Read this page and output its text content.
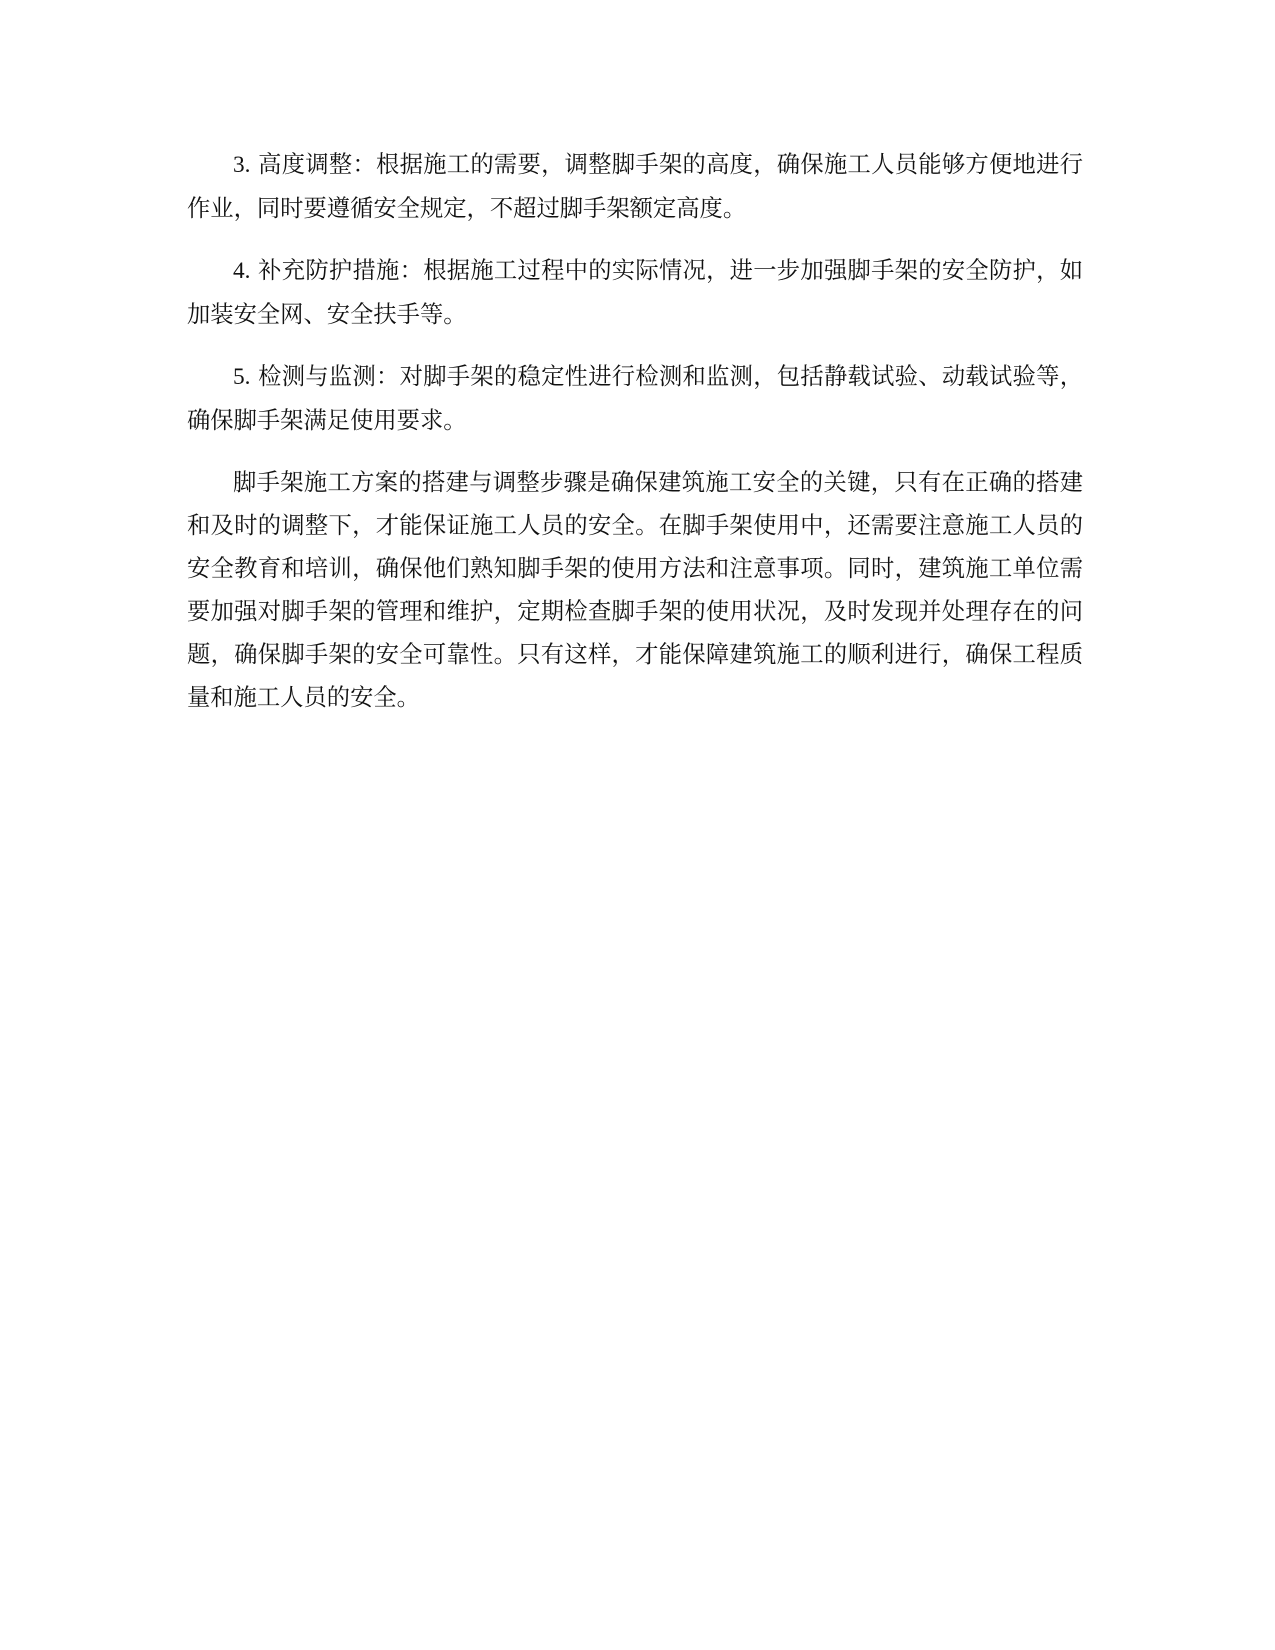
3. 高度调整：根据施工的需要，调整脚手架的高度，确保施工人员能够方便地进行作业，同时要遵循安全规定，不超过脚手架额定高度。

4. 补充防护措施：根据施工过程中的实际情况，进一步加强脚手架的安全防护，如加装安全网、安全扶手等。

5. 检测与监测：对脚手架的稳定性进行检测和监测，包括静载试验、动载试验等，确保脚手架满足使用要求。

脚手架施工方案的搭建与调整步骤是确保建筑施工安全的关键，只有在正确的搭建和及时的调整下，才能保证施工人员的安全。在脚手架使用中，还需要注意施工人员的安全教育和培训，确保他们熟知脚手架的使用方法和注意事项。同时，建筑施工单位需要加强对脚手架的管理和维护，定期检查脚手架的使用状况，及时发现并处理存在的问题，确保脚手架的安全可靠性。只有这样，才能保障建筑施工的顺利进行，确保工程质量和施工人员的安全。
